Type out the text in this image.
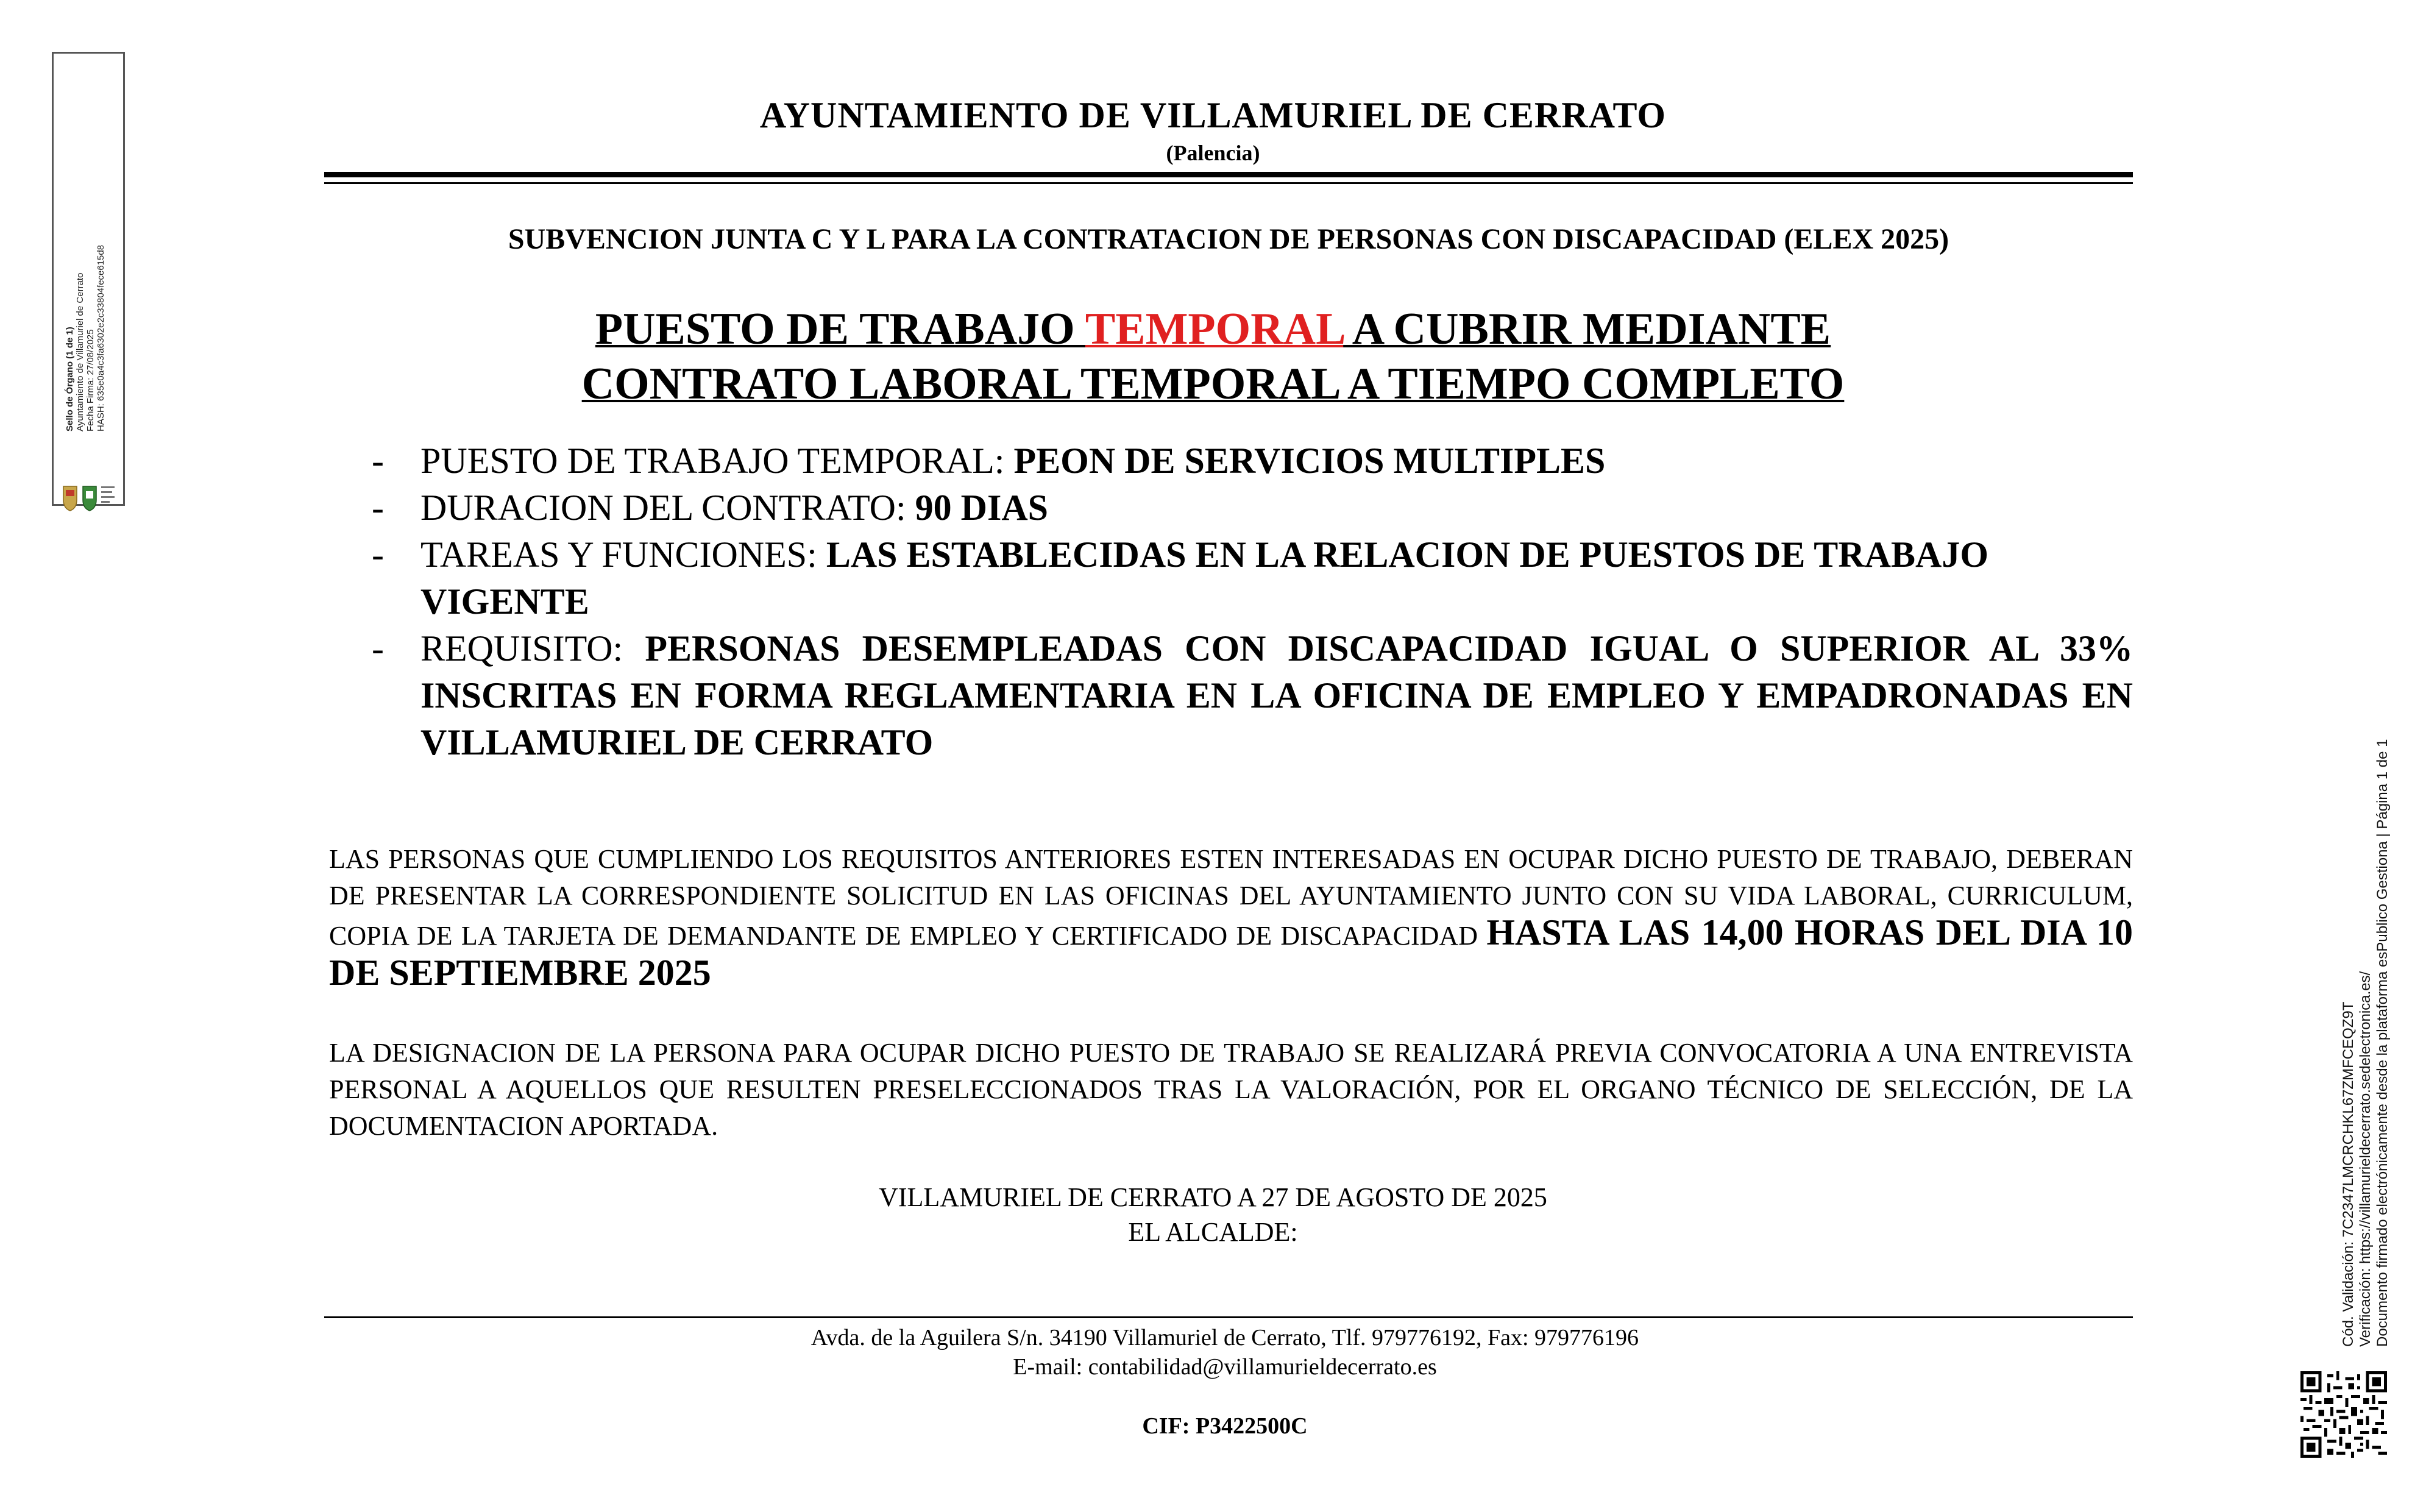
Sello de Órgano (1 de 1) Ayuntamiento de Villamuriel de Cerrato Fecha Firma: 27/08/2025 HASH: 635e0a4c3fa6302e2c33804fece615d8
AYUNTAMIENTO DE VILLAMURIEL DE CERRATO
(Palencia)
SUBVENCION JUNTA C Y L PARA LA CONTRATACION DE PERSONAS CON DISCAPACIDAD (ELEX 2025)
PUESTO DE TRABAJO TEMPORAL A CUBRIR MEDIANTE
CONTRATO LABORAL TEMPORAL A TIEMPO COMPLETO
- PUESTO DE TRABAJO TEMPORAL: PEON DE SERVICIOS MULTIPLES
- DURACION DEL CONTRATO: 90 DIAS
- TAREAS Y FUNCIONES: LAS ESTABLECIDAS EN LA RELACION DE PUESTOS DE TRABAJO VIGENTE
- REQUISITO: PERSONAS DESEMPLEADAS CON DISCAPACIDAD IGUAL O SUPERIOR AL 33% INSCRITAS EN FORMA REGLAMENTARIA EN LA OFICINA DE EMPLEO Y EMPADRONADAS EN VILLAMURIEL DE CERRATO
LAS PERSONAS QUE CUMPLIENDO LOS REQUISITOS ANTERIORES ESTEN INTERESADAS EN OCUPAR DICHO PUESTO DE TRABAJO, DEBERAN DE PRESENTAR LA CORRESPONDIENTE SOLICITUD EN LAS OFICINAS DEL AYUNTAMIENTO JUNTO CON SU VIDA LABORAL, CURRICULUM, COPIA DE LA TARJETA DE DEMANDANTE DE EMPLEO Y CERTIFICADO DE DISCAPACIDAD HASTA LAS 14,00 HORAS DEL DIA 10 DE SEPTIEMBRE 2025
LA DESIGNACION DE LA PERSONA PARA OCUPAR DICHO PUESTO DE TRABAJO SE REALIZARÁ PREVIA CONVOCATORIA A UNA ENTREVISTA PERSONAL A AQUELLOS QUE RESULTEN PRESELECCIONADOS TRAS LA VALORACIÓN, POR EL ORGANO TÉCNICO DE SELECCIÓN, DE LA DOCUMENTACION APORTADA.
VILLAMURIEL DE CERRATO A 27 DE AGOSTO DE 2025
EL ALCALDE:
Avda. de la Aguilera S/n. 34190 Villamuriel de Cerrato, Tlf. 979776192, Fax: 979776196
E-mail: contabilidad@villamurieldecerrato.es
CIF: P3422500C
Cód. Validación: 7C2347LMCRCHKL67ZMFCEQZ9T Verificación: https://villamurieldecerrato.sedelectronica.es/ Documento firmado electrónicamente desde la plataforma esPublico Gestiona | Página 1 de 1
